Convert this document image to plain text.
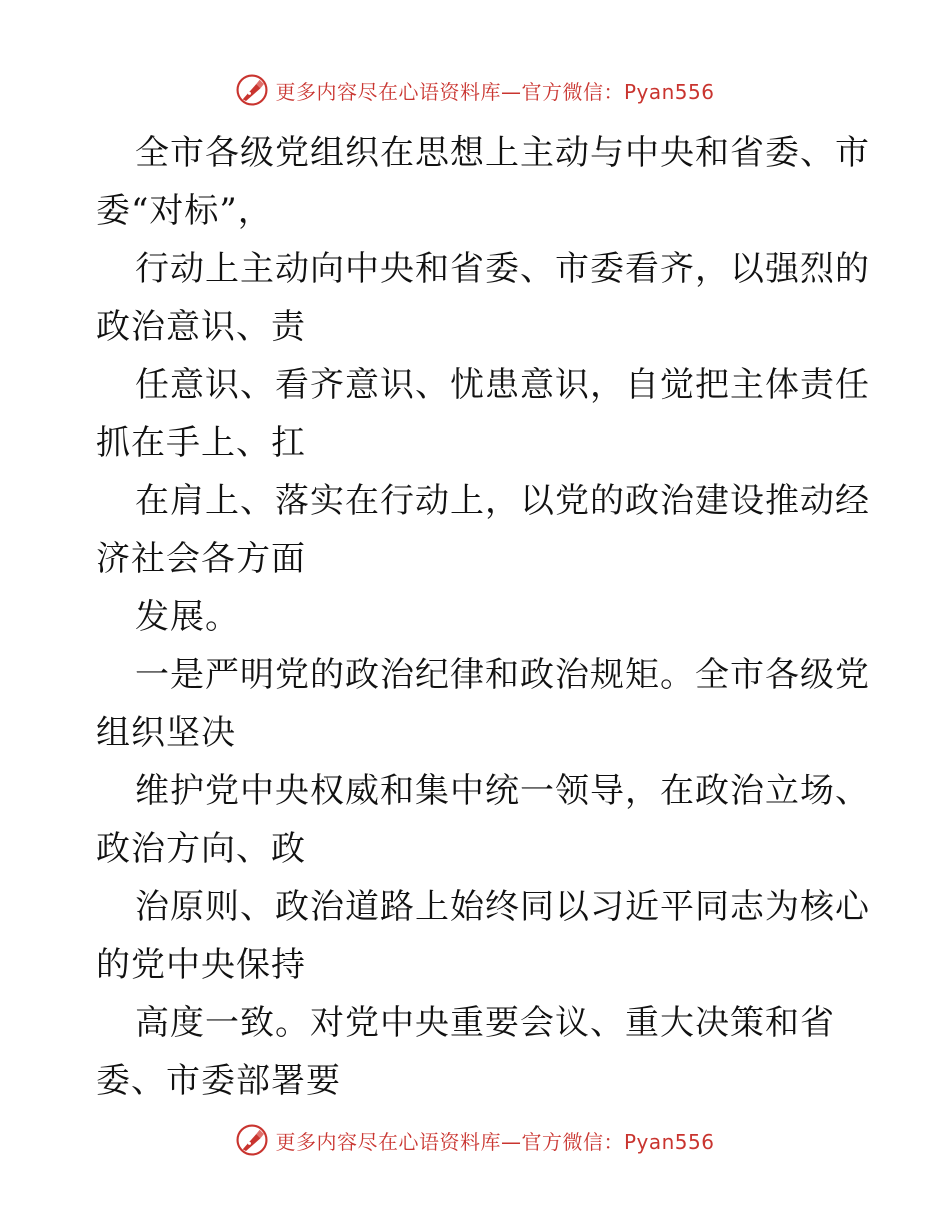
更多内容尽在心语资料库—官方微信：Pyan556
全市各级党组织在思想上主动与中央和省委、市
委“对标”，
行动上主动向中央和省委、市委看齐，以强烈的
政治意识、责
任意识、看齐意识、忧患意识，自觉把主体责任
抓在手上、扛
在肩上、落实在行动上，以党的政治建设推动经
济社会各方面
发展。
一是严明党的政治纪律和政治规矩。全市各级党
组织坚决
维护党中央权威和集中统一领导，在政治立场、
政治方向、政
治原则、政治道路上始终同以习近平同志为核心
的党中央保持
高度一致。对党中央重要会议、重大决策和省
委、市委部署要
更多内容尽在心语资料库—官方微信：Pyan556
